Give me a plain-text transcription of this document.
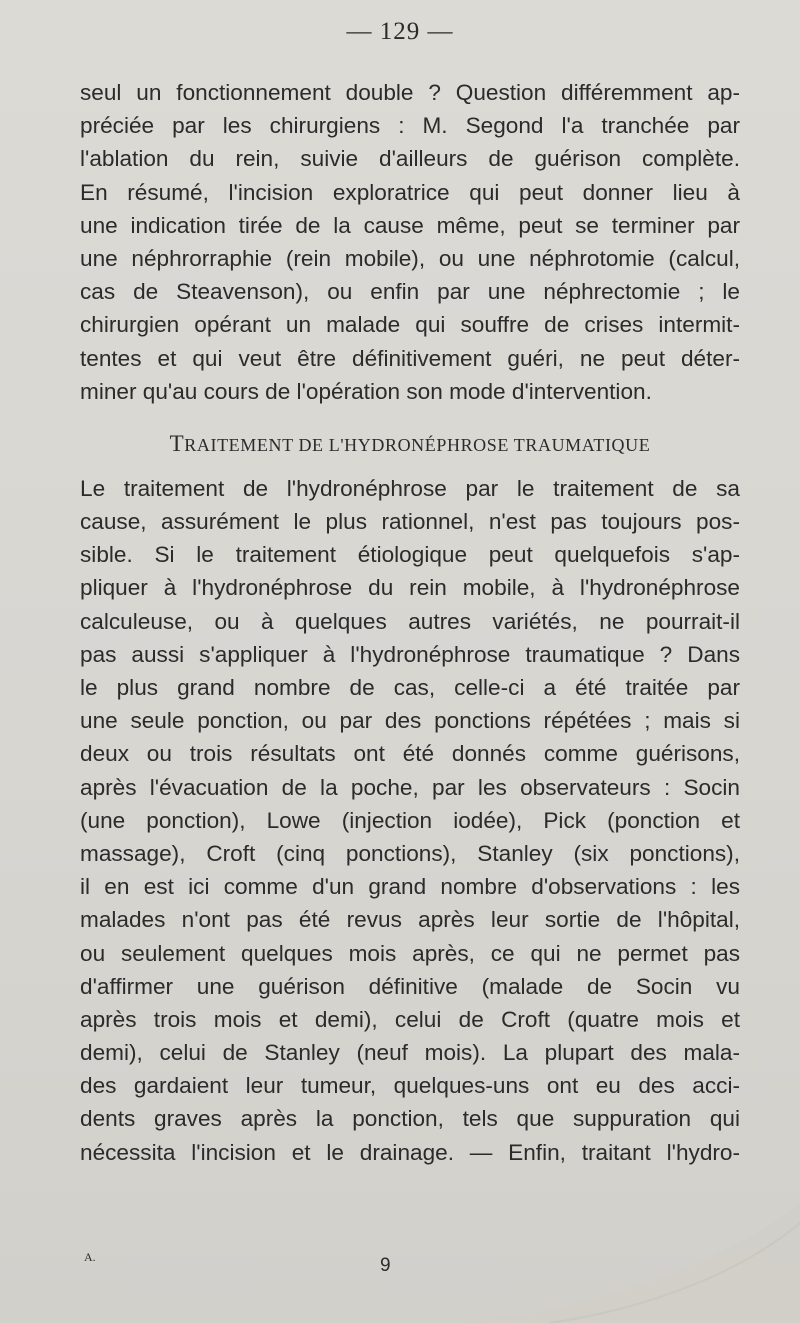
— 129 —
seul un fonctionnement double ? Question différemment ap-
préciée par les chirurgiens : M. Segond l'a tranchée par
l'ablation du rein, suivie d'ailleurs de guérison complète.
En résumé, l'incision exploratrice qui peut donner lieu à
une indication tirée de la cause même, peut se terminer par
une néphrorraphie (rein mobile), ou une néphrotomie (calcul,
cas de Steavenson), ou enfin par une néphrectomie ; le
chirurgien opérant un malade qui souffre de crises intermit-
tentes et qui veut être définitivement guéri, ne peut déter-
miner qu'au cours de l'opération son mode d'intervention.
TRAITEMENT DE L'HYDRONÉPHROSE TRAUMATIQUE
Le traitement de l'hydronéphrose par le traitement de sa
cause, assurément le plus rationnel, n'est pas toujours pos-
sible. Si le traitement étiologique peut quelquefois s'ap-
pliquer à l'hydronéphrose du rein mobile, à l'hydronéphrose
calculeuse, ou à quelques autres variétés, ne pourrait-il
pas aussi s'appliquer à l'hydronéphrose traumatique ? Dans
le plus grand nombre de cas, celle-ci a été traitée par
une seule ponction, ou par des ponctions répétées ; mais si
deux ou trois résultats ont été donnés comme guérisons,
après l'évacuation de la poche, par les observateurs : Socin
(une ponction), Lowe (injection iodée), Pick (ponction et
massage), Croft (cinq ponctions), Stanley (six ponctions),
il en est ici comme d'un grand nombre d'observations : les
malades n'ont pas été revus après leur sortie de l'hôpital,
ou seulement quelques mois après, ce qui ne permet pas
d'affirmer une guérison définitive (malade de Socin vu
après trois mois et demi), celui de Croft (quatre mois et
demi), celui de Stanley (neuf mois). La plupart des mala-
des gardaient leur tumeur, quelques-uns ont eu des acci-
dents graves après la ponction, tels que suppuration qui
nécessita l'incision et le drainage. — Enfin, traitant l'hydro-
A.	9
